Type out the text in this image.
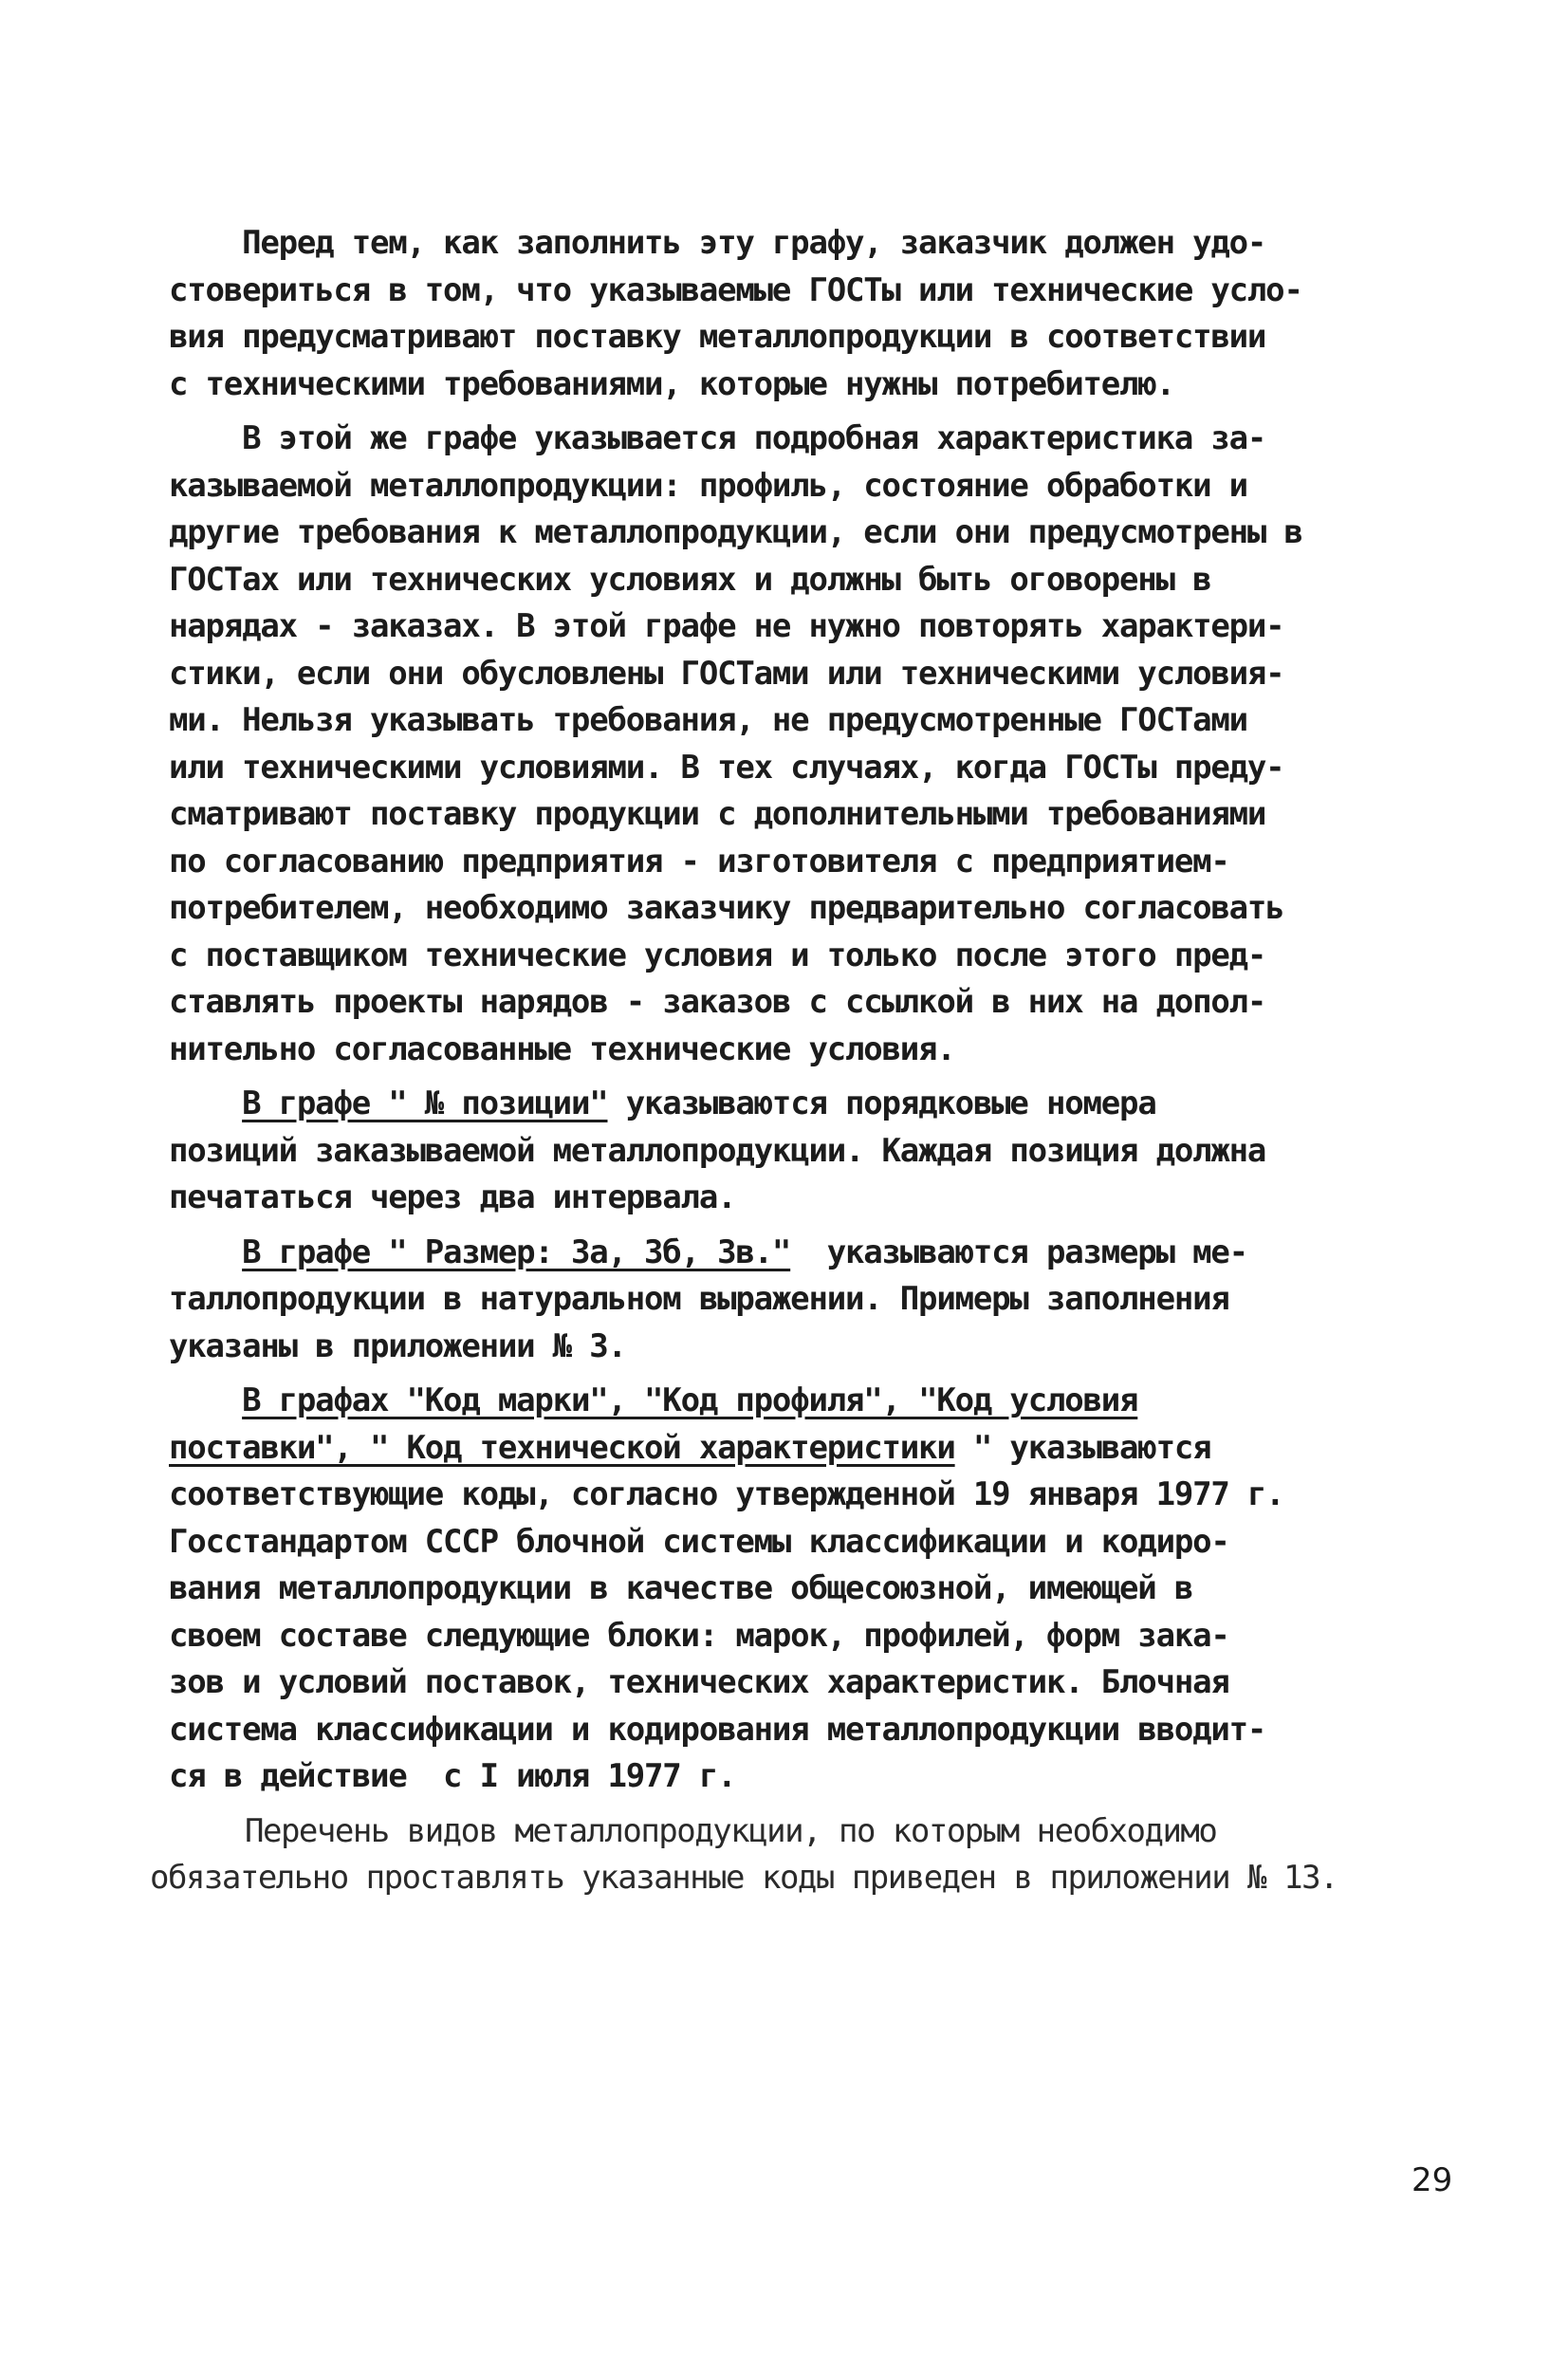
Перед тем, как заполнить эту графу, заказчик должен удо-
стовериться в том, что указываемые ГОСТы или технические усло-
вия предусматривают поставку металлопродукции в соответствии
с техническими требованиями, которые нужны потребителю.
В этой же графе указывается подробная характеристика за-
казываемой металлопродукции: профиль, состояние обработки и
другие требования к металлопродукции, если они предусмотрены в
ГОСТах или технических условиях и должны быть оговорены в
нарядах - заказах. В этой графе не нужно повторять характери-
стики, если они обусловлены ГОСТами или техническими условия-
ми. Нельзя указывать требования, не предусмотренные ГОСТами
или техническими условиями. В тех случаях, когда ГОСТы преду-
сматривают поставку продукции с дополнительными требованиями
по согласованию предприятия - изготовителя с предприятием-
потребителем, необходимо заказчику предварительно согласовать
с поставщиком технические условия и только после этого пред-
ставлять проекты нарядов - заказов с ссылкой в них на допол-
нительно согласованные технические условия.
В графе " № позиции" указываются порядковые номера
позиций заказываемой металлопродукции. Каждая позиция должна
печататься через два интервала.
В графе " Размер: За, Зб, Зв."  указываются размеры ме-
таллопродукции в натуральном выражении. Примеры заполнения
указаны в приложении № 3.
В графах "Код марки", "Код профиля", "Код условия
поставки", " Код технической характеристики " указываются
соответствующие коды, согласно утвержденной 19 января 1977 г.
Госстандартом СССР блочной системы классификации и кодиро-
вания металлопродукции в качестве общесоюзной, имеющей в
своем составе следующие блоки: марок, профилей, форм зака-
зов и условий поставок, технических характеристик. Блочная
система классификации и кодирования металлопродукции вводит-
ся в действие  с I июля 1977 г.
Перечень видов металлопродукции, по которым необходимо
обязательно проставлять указанные коды приведен в приложении № 13.
29
